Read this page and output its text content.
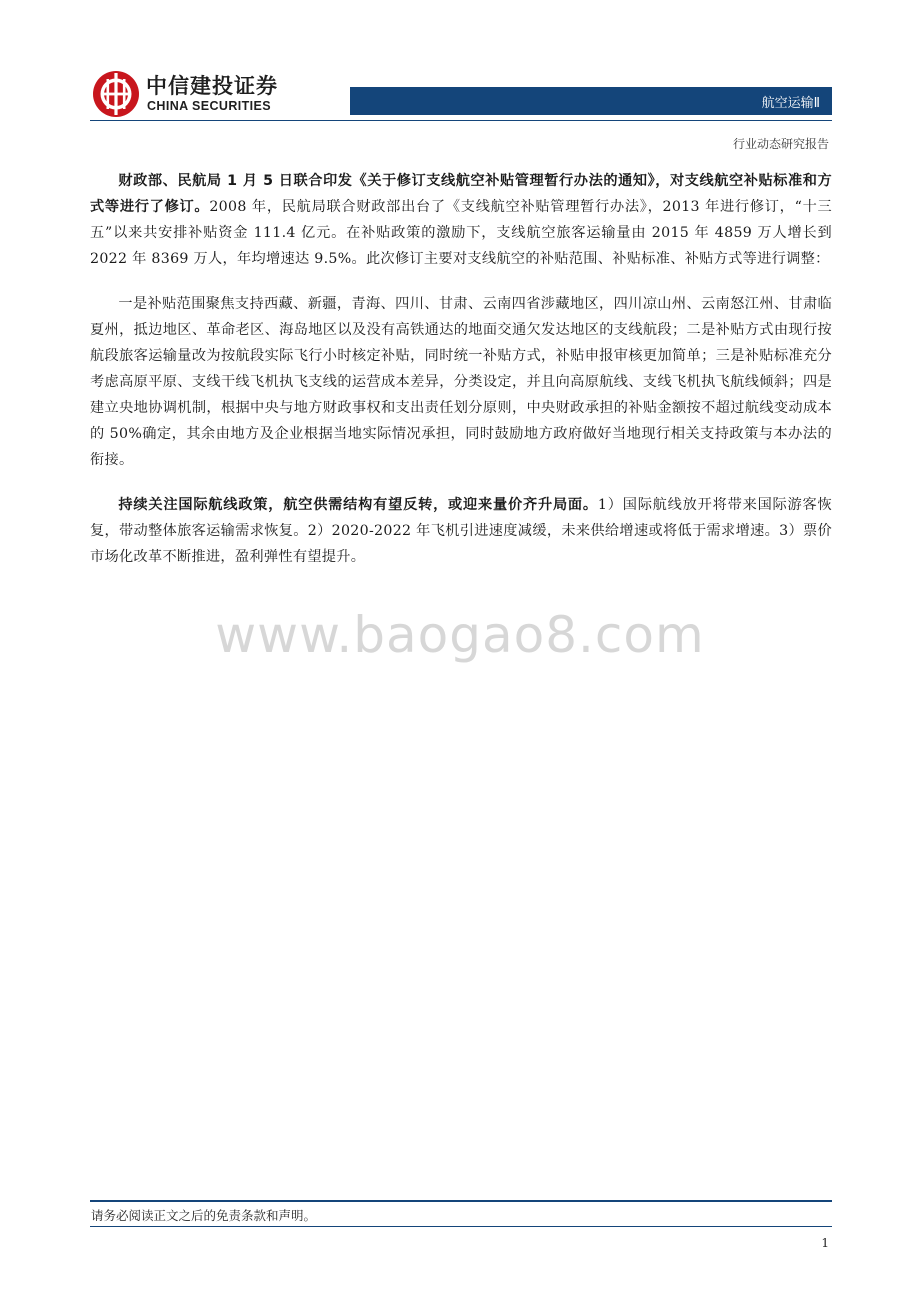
中信建投证券
CHINA SECURITIES	航空运输Ⅱ
行业动态研究报告

财政部、民航局 1 月 5 日联合印发《关于修订支线航空补贴管理暂行办法的通知》，对支线航空补贴标准和方式等进行了修订。2008 年，民航局联合财政部出台了《支线航空补贴管理暂行办法》，2013 年进行修订，“十三五”以来共安排补贴资金 111.4 亿元。在补贴政策的激励下，支线航空旅客运输量由 2015 年 4859 万人增长到 2022 年 8369 万人，年均增速达 9.5%。此次修订主要对支线航空的补贴范围、补贴标准、补贴方式等进行调整：

一是补贴范围聚焦支持西藏、新疆，青海、四川、甘肃、云南四省涉藏地区，四川凉山州、云南怒江州、甘肃临夏州，抵边地区、革命老区、海岛地区以及没有高铁通达的地面交通欠发达地区的支线航段；二是补贴方式由现行按航段旅客运输量改为按航段实际飞行小时核定补贴，同时统一补贴方式，补贴申报审核更加简单；三是补贴标准充分考虑高原平原、支线干线飞机执飞支线的运营成本差异，分类设定，并且向高原航线、支线飞机执飞航线倾斜；四是建立央地协调机制，根据中央与地方财政事权和支出责任划分原则，中央财政承担的补贴金额按不超过航线变动成本的 50%确定，其余由地方及企业根据当地实际情况承担，同时鼓励地方政府做好当地现行相关支持政策与本办法的衔接。

持续关注国际航线政策，航空供需结构有望反转，或迎来量价齐升局面。1）国际航线放开将带来国际游客恢复，带动整体旅客运输需求恢复。2）2020-2022 年飞机引进速度减缓，未来供给增速或将低于需求增速。3）票价市场化改革不断推进，盈利弹性有望提升。

www.baogao8.com
请务必阅读正文之后的免责条款和声明。
1
